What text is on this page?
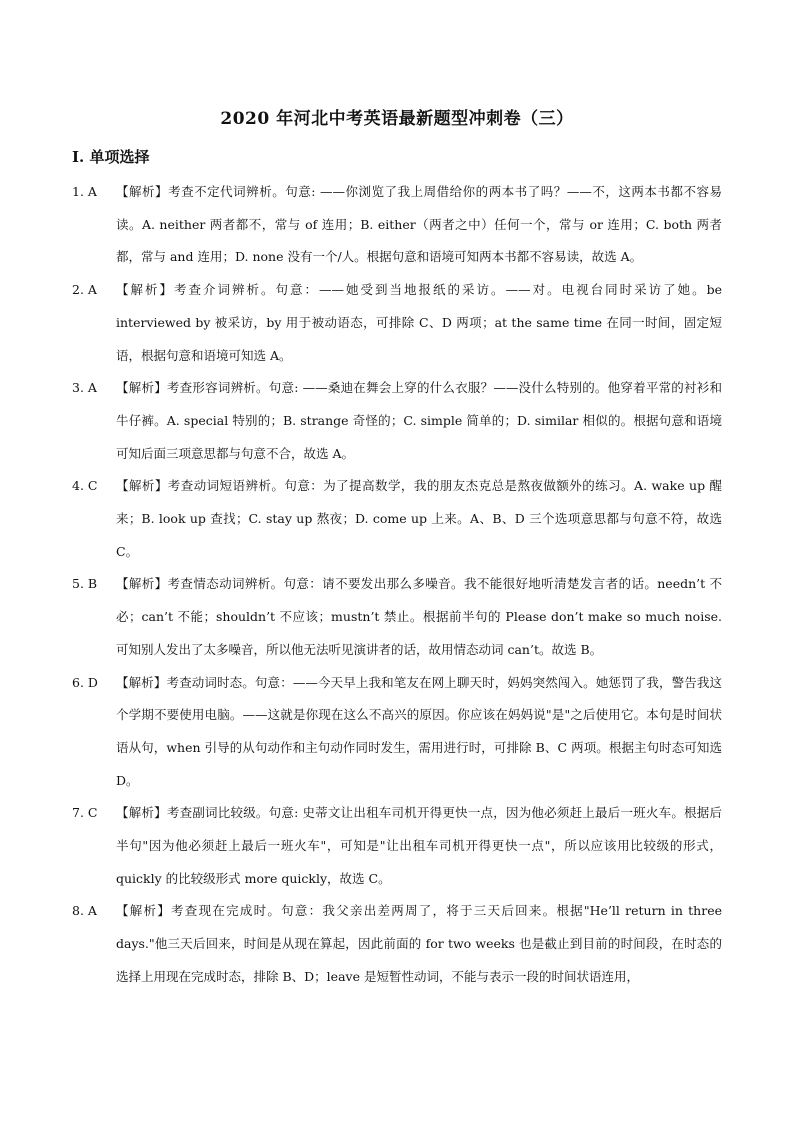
2020 年河北中考英语最新题型冲刺卷（三）
I. 单项选择
1. A	【解析】考查不定代词辨析。句意: ——你浏览了我上周借给你的两本书了吗？——不，这两本书都不容易读。A. neither 两者都不，常与 of 连用；B. either（两者之中）任何一个，常与 or 连用；C. both 两者都，常与 and 连用；D. none 没有一个/人。根据句意和语境可知两本书都不容易读，故选 A。
2. A	【解析】考查介词辨析。句意：——她受到当地报纸的采访。——对。电视台同时采访了她。be interviewed by 被采访，by 用于被动语态，可排除 C、D 两项；at the same time 在同一时间，固定短语，根据句意和语境可知选 A。
3. A	【解析】考查形容词辨析。句意: ——桑迪在舞会上穿的什么衣服？——没什么特别的。他穿着平常的衬衫和牛仔裤。A. special 特别的；B. strange 奇怪的；C. simple 简单的；D. similar 相似的。根据句意和语境可知后面三项意思都与句意不合，故选 A。
4. C	【解析】考查动词短语辨析。句意：为了提高数学，我的朋友杰克总是熬夜做额外的练习。A. wake up 醒来；B. look up 查找；C. stay up 熬夜；D. come up 上来。A、B、D 三个选项意思都与句意不符，故选 C。
5. B	【解析】考查情态动词辨析。句意：请不要发出那么多噪音。我不能很好地听清楚发言者的话。needn’t 不必；can’t 不能；shouldn’t 不应该；mustn’t 禁止。根据前半句的 Please don’t make so much noise.可知别人发出了太多噪音，所以他无法听见演讲者的话，故用情态动词 can’t。故选 B。
6. D	【解析】考查动词时态。句意：——今天早上我和笔友在网上聊天时，妈妈突然闯入。她惩罚了我，警告我这个学期不要使用电脑。——这就是你现在这么不高兴的原因。你应该在妈妈说"是"之后使用它。本句是时间状语从句，when 引导的从句动作和主句动作同时发生，需用进行时，可排除 B、C 两项。根据主句时态可知选 D。
7. C	【解析】考查副词比较级。句意: 史蒂文让出租车司机开得更快一点，因为他必须赶上最后一班火车。根据后半句"因为他必须赶上最后一班火车"，可知是"让出租车司机开得更快一点"，所以应该用比较级的形式，quickly 的比较级形式 more quickly，故选 C。
8. A	【解析】考查现在完成时。句意：我父亲出差两周了，将于三天后回来。根据"He’ll return in three days."他三天后回来，时间是从现在算起，因此前面的 for two weeks 也是截止到目前的时间段，在时态的选择上用现在完成时态，排除 B、D；leave 是短暂性动词，不能与表示一段的时间状语连用，
